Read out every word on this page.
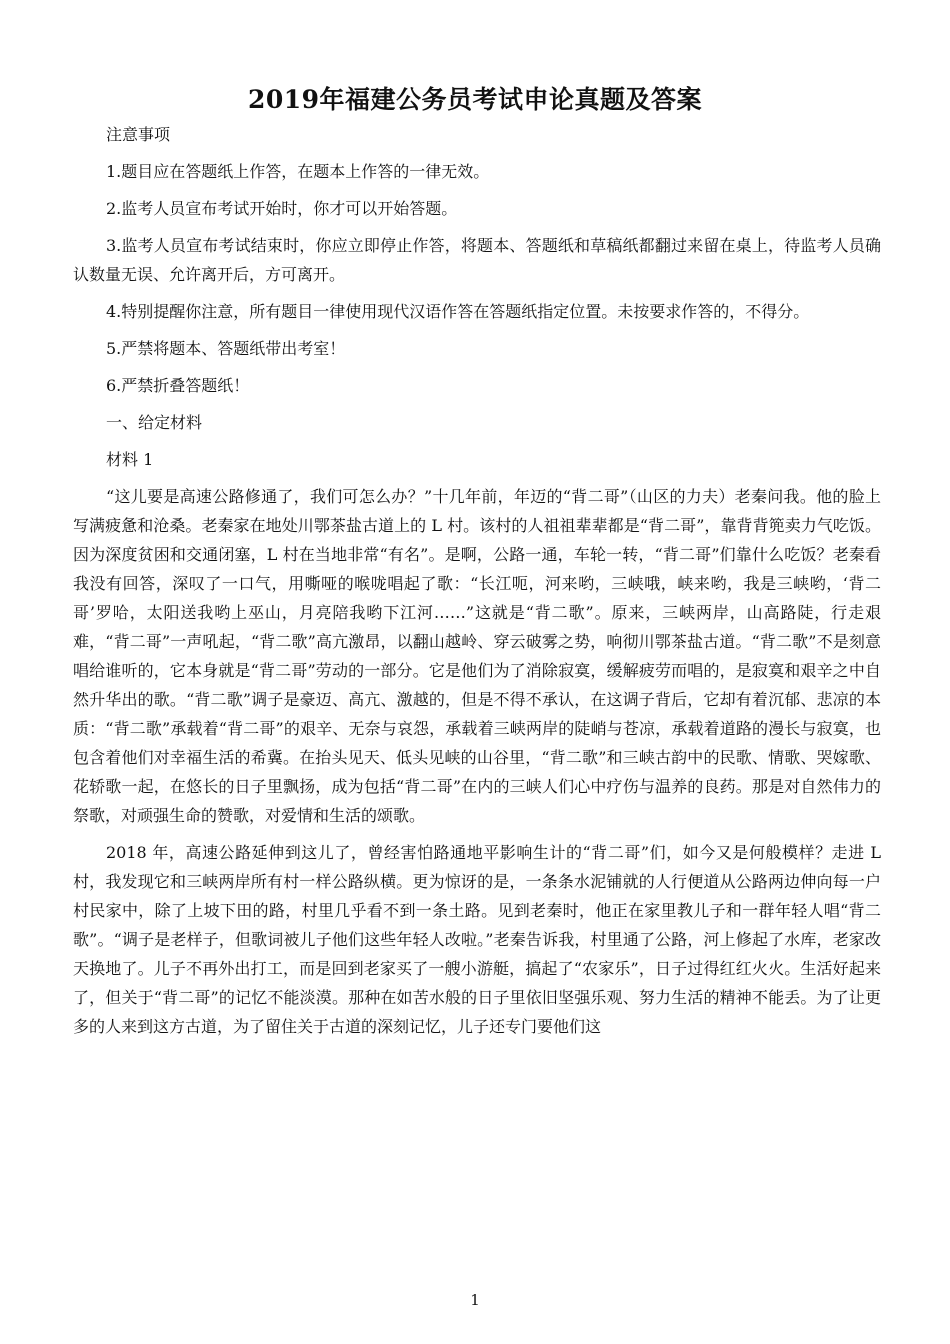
2019年福建公务员考试申论真题及答案

注意事项

1.题目应在答题纸上作答，在题本上作答的一律无效。

2.监考人员宣布考试开始时，你才可以开始答题。

3.监考人员宣布考试结束时，你应立即停止作答，将题本、答题纸和草稿纸都翻过来留在桌上，待监考人员确认数量无误、允许离开后，方可离开。

4.特别提醒你注意，所有题目一律使用现代汉语作答在答题纸指定位置。未按要求作答的，不得分。

5.严禁将题本、答题纸带出考室！

6.严禁折叠答题纸！

一、给定材料

材料 1

“这儿要是高速公路修通了，我们可怎么办？”十几年前，年迈的“背二哥”（山区的力夫）老秦问我。他的脸上写满疲惫和沧桑。老秦家在地处川鄂茶盐古道上的 L 村。该村的人祖祖辈辈都是“背二哥”，靠背背篼卖力气吃饭。因为深度贫困和交通闭塞，L 村在当地非常“有名”。是啊，公路一通，车轮一转，“背二哥”们靠什么吃饭？老秦看我没有回答，深叹了一口气，用嘶哑的喉咙唱起了歌：“长江呃，河来哟，三峡哦，峡来哟，我是三峡哟，‘背二哥’罗哈，太阳送我哟上巫山，月亮陪我哟下江河……”这就是“背二歌”。原来，三峡两岸，山高路陡，行走艰难，“背二哥”一声吼起，“背二歌”高亢激昂，以翻山越岭、穿云破雾之势，响彻川鄂茶盐古道。“背二歌”不是刻意唱给谁听的，它本身就是“背二哥”劳动的一部分。它是他们为了消除寂寞，缓解疲劳而唱的，是寂寞和艰辛之中自然升华出的歌。“背二歌”调子是豪迈、高亢、激越的，但是不得不承认，在这调子背后，它却有着沉郁、悲凉的本质：“背二歌”承载着“背二哥”的艰辛、无奈与哀怨，承载着三峡两岸的陡峭与苍凉，承载着道路的漫长与寂寞，也包含着他们对幸福生活的希冀。在抬头见天、低头见峡的山谷里，“背二歌”和三峡古韵中的民歌、情歌、哭嫁歌、花轿歌一起，在悠长的日子里飘扬，成为包括“背二哥”在内的三峡人们心中疗伤与温养的良药。那是对自然伟力的祭歌，对顽强生命的赞歌，对爱情和生活的颂歌。

2018 年，高速公路延伸到这儿了，曾经害怕路通地平影响生计的“背二哥”们，如今又是何般模样？走进 L 村，我发现它和三峡两岸所有村一样公路纵横。更为惊讶的是，一条条水泥铺就的人行便道从公路两边伸向每一户村民家中，除了上坡下田的路，村里几乎看不到一条土路。见到老秦时，他正在家里教儿子和一群年轻人唱“背二歌”。“调子是老样子，但歌词被儿子他们这些年轻人改啦。”老秦告诉我，村里通了公路，河上修起了水库，老家改天换地了。儿子不再外出打工，而是回到老家买了一艘小游艇，搞起了“农家乐”，日子过得红红火火。生活好起来了，但关于“背二哥”的记忆不能淡漠。那种在如苦水般的日子里依旧坚强乐观、努力生活的精神不能丢。为了让更多的人来到这方古道，为了留住关于古道的深刻记忆，儿子还专门要他们这

1
